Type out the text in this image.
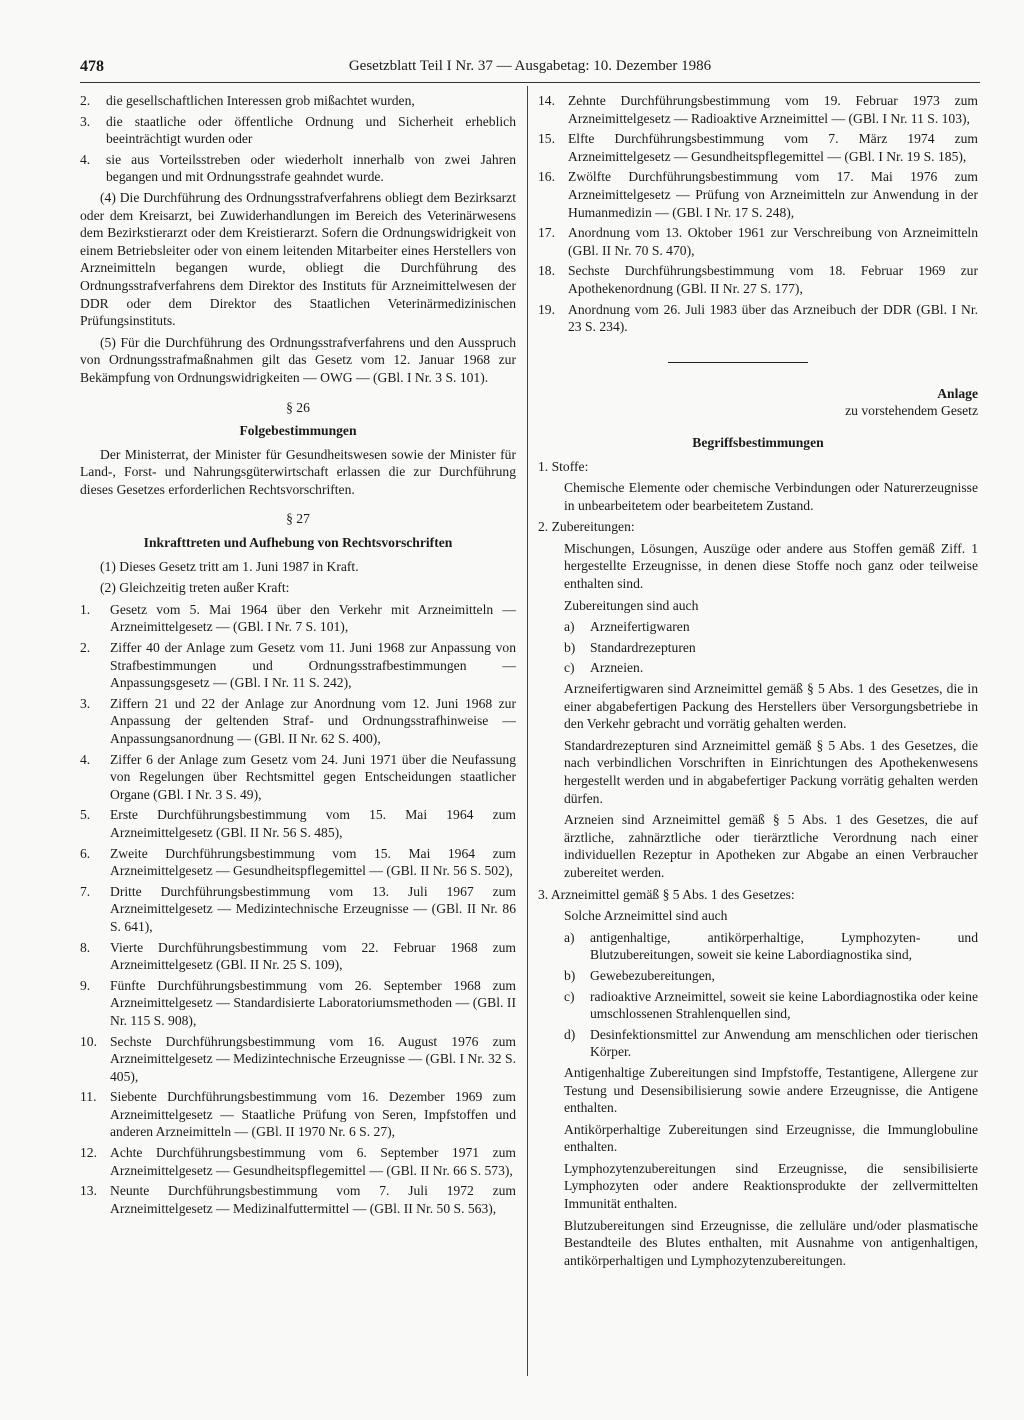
478	Gesetzblatt Teil I Nr. 37 — Ausgabetag: 10. Dezember 1986
2.	die gesellschaftlichen Interessen grob mißachtet wurden,
3.	die staatliche oder öffentliche Ordnung und Sicherheit erheblich beeinträchtigt wurden oder
4.	sie aus Vorteilsstreben oder wiederholt innerhalb von zwei Jahren begangen und mit Ordnungsstrafe geahndet wurde.

(4) Die Durchführung des Ordnungsstrafverfahrens obliegt dem Bezirksarzt oder dem Kreisarzt, bei Zuwiderhandlungen im Bereich des Veterinärwesens dem Bezirkstierarzt oder dem Kreistierarzt. Sofern die Ordnungswidrigkeit von einem Betriebsleiter oder von einem leitenden Mitarbeiter eines Herstellers von Arzneimitteln begangen wurde, obliegt die Durchführung des Ordnungsstrafverfahrens dem Direktor des Instituts für Arzneimittelwesen der DDR oder dem Direktor des Staatlichen Veterinärmedizinischen Prüfungsinstituts.

(5) Für die Durchführung des Ordnungsstrafverfahrens und den Ausspruch von Ordnungsstrafmaßnahmen gilt das Gesetz vom 12. Januar 1968 zur Bekämpfung von Ordnungswidrigkeiten — OWG — (GBl. I Nr. 3 S. 101).

§ 26
Folgebestimmungen

Der Ministerrat, der Minister für Gesundheitswesen sowie der Minister für Land-, Forst- und Nahrungsgüterwirtschaft erlassen die zur Durchführung dieses Gesetzes erforderlichen Rechtsvorschriften.

§ 27
Inkrafttreten und Aufhebung von Rechtsvorschriften

(1) Dieses Gesetz tritt am 1. Juni 1987 in Kraft.

(2) Gleichzeitig treten außer Kraft:

1.	Gesetz vom 5. Mai 1964 über den Verkehr mit Arzneimitteln — Arzneimittelgesetz — (GBl. I Nr. 7 S. 101),
2.	Ziffer 40 der Anlage zum Gesetz vom 11. Juni 1968 zur Anpassung von Strafbestimmungen und Ordnungsstrafbestimmungen — Anpassungsgesetz — (GBl. I Nr. 11 S. 242),
3.	Ziffern 21 und 22 der Anlage zur Anordnung vom 12. Juni 1968 zur Anpassung der geltenden Straf- und Ordnungsstrafhinweise — Anpassungsanordnung — (GBl. II Nr. 62 S. 400),
4.	Ziffer 6 der Anlage zum Gesetz vom 24. Juni 1971 über die Neufassung von Regelungen über Rechtsmittel gegen Entscheidungen staatlicher Organe (GBl. I Nr. 3 S. 49),
5.	Erste Durchführungsbestimmung vom 15. Mai 1964 zum Arzneimittelgesetz (GBl. II Nr. 56 S. 485),
6.	Zweite Durchführungsbestimmung vom 15. Mai 1964 zum Arzneimittelgesetz — Gesundheitspflegemittel — (GBl. II Nr. 56 S. 502),
7.	Dritte Durchführungsbestimmung vom 13. Juli 1967 zum Arzneimittelgesetz — Medizintechnische Erzeugnisse — (GBl. II Nr. 86 S. 641),
8.	Vierte Durchführungsbestimmung vom 22. Februar 1968 zum Arzneimittelgesetz (GBl. II Nr. 25 S. 109),
9.	Fünfte Durchführungsbestimmung vom 26. September 1968 zum Arzneimittelgesetz — Standardisierte Laboratoriumsmethoden — (GBl. II Nr. 115 S. 908),
10. Sechste Durchführungsbestimmung vom 16. August 1976 zum Arzneimittelgesetz — Medizintechnische Erzeugnisse — (GBl. I Nr. 32 S. 405),
11. Siebente Durchführungsbestimmung vom 16. Dezember 1969 zum Arzneimittelgesetz — Staatliche Prüfung von Seren, Impfstoffen und anderen Arzneimitteln — (GBl. II 1970 Nr. 6 S. 27),
12. Achte Durchführungsbestimmung vom 6. September 1971 zum Arzneimittelgesetz — Gesundheitspflegemittel — (GBl. II Nr. 66 S. 573),
13. Neunte Durchführungsbestimmung vom 7. Juli 1972 zum Arzneimittelgesetz — Medizinalfuttermittel — (GBl. II Nr. 50 S. 563),
14. Zehnte Durchführungsbestimmung vom 19. Februar 1973 zum Arzneimittelgesetz — Radioaktive Arzneimittel — (GBl. I Nr. 11 S. 103),
15. Elfte Durchführungsbestimmung vom 7. März 1974 zum Arzneimittelgesetz — Gesundheitspflegemittel — (GBl. I Nr. 19 S. 185),
16. Zwölfte Durchführungsbestimmung vom 17. Mai 1976 zum Arzneimittelgesetz — Prüfung von Arzneimitteln zur Anwendung in der Humanmedizin — (GBl. I Nr. 17 S. 248),
17. Anordnung vom 13. Oktober 1961 zur Verschreibung von Arzneimitteln (GBl. II Nr. 70 S. 470),
18. Sechste Durchführungsbestimmung vom 18. Februar 1969 zur Apothekenordnung (GBl. II Nr. 27 S. 177),
19. Anordnung vom 26. Juli 1983 über das Arzneibuch der DDR (GBl. I Nr. 23 S. 234).
Anlage
zu vorstehendem Gesetz
Begriffsbestimmungen

1. Stoffe:

Chemische Elemente oder chemische Verbindungen oder Naturerzeugnisse in unbearbeitetem oder bearbeitetem Zustand.

2. Zubereitungen:

Mischungen, Lösungen, Auszüge oder andere aus Stoffen gemäß Ziff. 1 hergestellte Erzeugnisse, in denen diese Stoffe noch ganz oder teilweise enthalten sind.

Zubereitungen sind auch

a)	Arzneifertigwaren
b)	Standardrezepturen
c)	Arzneien.

Arzneifertigwaren sind Arzneimittel gemäß § 5 Abs. 1 des Gesetzes, die in einer abgabefertigen Packung des Herstellers über Versorgungsbetriebe in den Verkehr gebracht und vorrätig gehalten werden.

Standardrezepturen sind Arzneimittel gemäß § 5 Abs. 1 des Gesetzes, die nach verbindlichen Vorschriften in Einrichtungen des Apothekenwesens hergestellt werden und in abgabefertiger Packung vorrätig gehalten werden dürfen.

Arzneien sind Arzneimittel gemäß § 5 Abs. 1 des Gesetzes, die auf ärztliche, zahnärztliche oder tierärztliche Verordnung nach einer individuellen Rezeptur in Apotheken zur Abgabe an einen Verbraucher zubereitet werden.

3. Arzneimittel gemäß § 5 Abs. 1 des Gesetzes:

Solche Arzneimittel sind auch

a)	antigenhaltige, antikörperhaltige, Lymphozyten- und Blutzubereitungen, soweit sie keine Labordiagnostika sind,
b)	Gewebezubereitungen,
c)	radioaktive Arzneimittel, soweit sie keine Labordiagnostika oder keine umschlossenen Strahlenquellen sind,
d)	Desinfektionsmittel zur Anwendung am menschlichen oder tierischen Körper.

Antigenhaltige Zubereitungen sind Impfstoffe, Testantigene, Allergene zur Testung und Desensibilisierung sowie andere Erzeugnisse, die Antigene enthalten.

Antikörperhaltige Zubereitungen sind Erzeugnisse, die Immunglobuline enthalten.

Lymphozytenzubereitungen sind Erzeugnisse, die sensibilisierte Lymphozyten oder andere Reaktionsprodukte der zellvermittelten Immunität enthalten.

Blutzubereitungen sind Erzeugnisse, die zelluläre und/oder plasmatische Bestandteile des Blutes enthalten, mit Ausnahme von antigenhaltigen, antikörperhaltigen und Lymphozytenzubereitungen.
